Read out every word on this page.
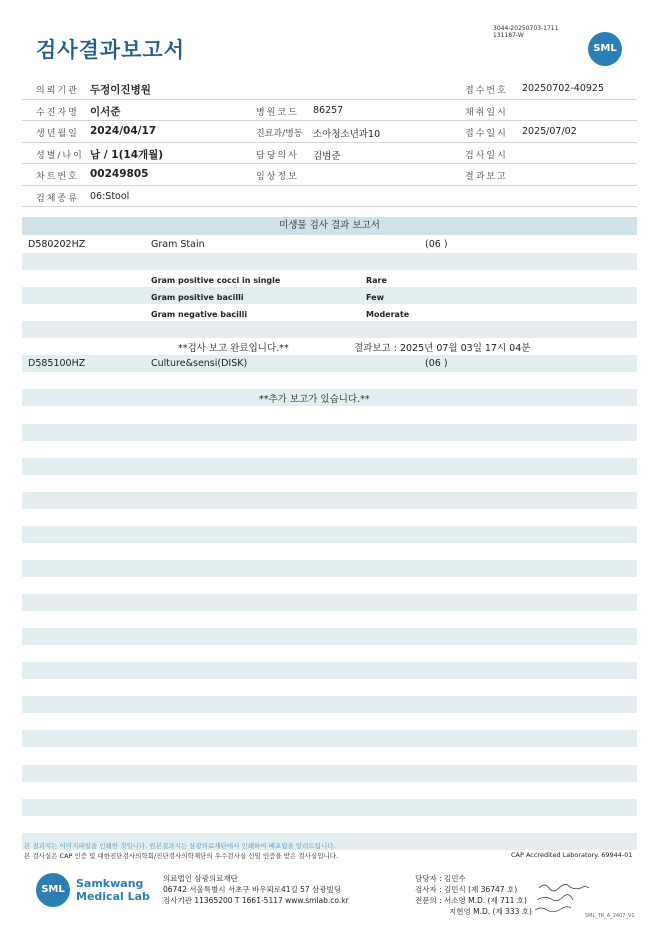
검사결과보고서
3044-20250703-1711
131187-W
SML
의뢰기관 두정이진병원	접수번호 20250702-40925
수진자명 이서준	병원코드 86257	채취일시
생년월일 2024/04/17	진료과/병동 소아청소년과10	접수일시 2025/07/02
성별/나이 남 / 1(14개월)	담당의사 김범준	검사일시
차트번호 00249805	임상정보	결과보고
검체종류 06:Stool
미생물 검사 결과 보고서
D580202HZ	Gram Stain	(06 )
Gram positive cocci in single	Rare
Gram positive bacilli	Few
Gram negative bacilli	Moderate
**검사 보고 완료입니다.**	결과보고 : 2025년 07월 03일 17시 04분
D585100HZ	Culture&sensi(DISK)	(06 )
**추가 보고가 있습니다.**
본 결과지는 이미지파일을 인쇄한 것입니다. 원본결과지는 삼광의료재단에서 인쇄하여 배포됨을 알려드립니다.
본 검사실은 CAP 인증 및 대한진단검사의학회/진단검사의학재단의 우수검사실 신임 인증을 받은 검사실입니다.	CAP Accredited Laboratory. 69944-01
SML	Samkwang
Medical Lab
의료법인 삼광의료재단
06742 서울특별시 서초구 바우뫼로41길 57 삼광빌딩
검사기관 11365200 T 1661-5117 www.smlab.co.kr
담당자 : 김민수
검사자 : 김민식 (제 36747 호)
전문의 : 서소영 M.D. (제 711 호)
지현영 M.D. (제 333 호)	SML_TR_A_2407_V1
